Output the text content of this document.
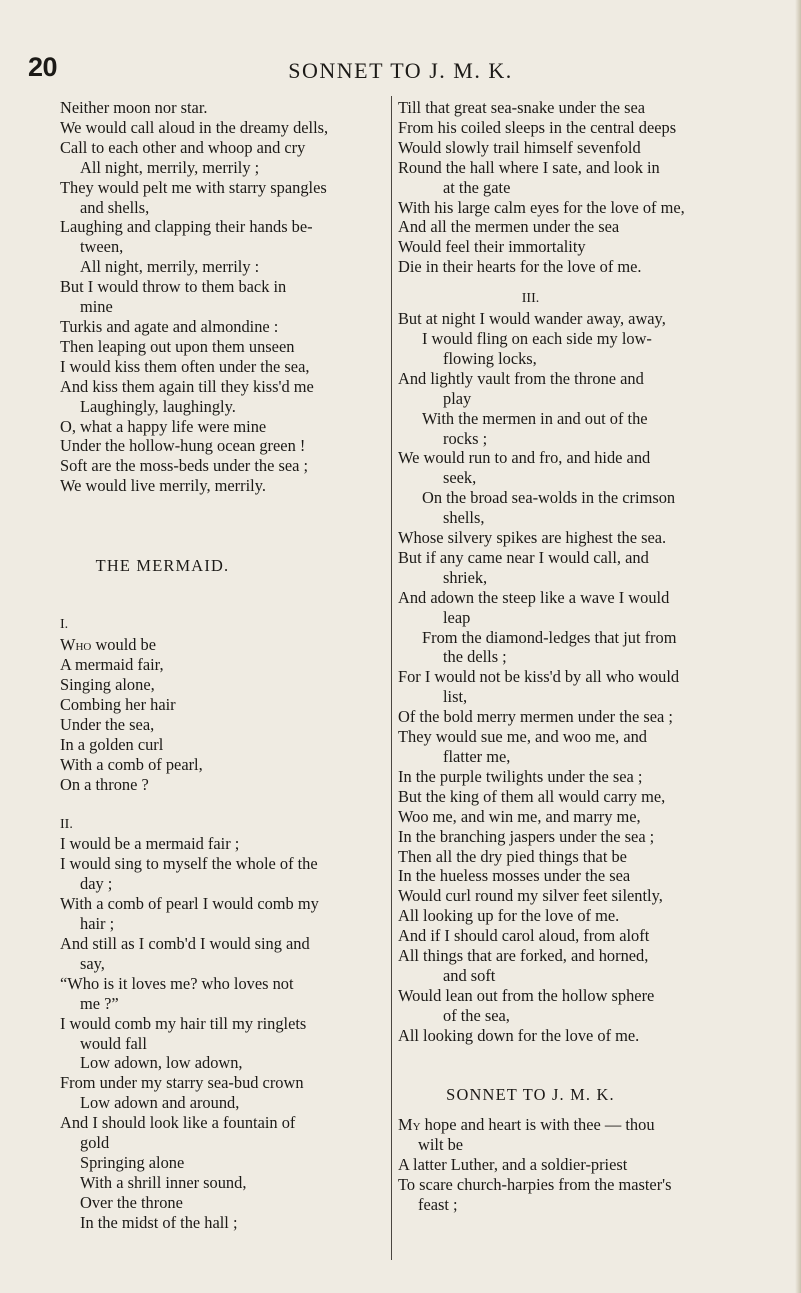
20	SONNET TO J. M. K.
Neither moon nor star.
We would call aloud in the dreamy dells,
Call to each other and whoop and cry
All night, merrily, merrily ;
They would pelt me with starry spangles
and shells,
Laughing and clapping their hands be-
tween,
All night, merrily, merrily :
But I would throw to them back in
mine
Turkis and agate and almondine :
Then leaping out upon them unseen
I would kiss them often under the sea,
And kiss them again till they kiss'd me
Laughingly, laughingly.
O, what a happy life were mine
Under the hollow-hung ocean green !
Soft are the moss-beds under the sea ;
We would live merrily, merrily.
THE MERMAID.
I.
Who would be
A mermaid fair,
Singing alone,
Combing her hair
Under the sea,
In a golden curl
With a comb of pearl,
On a throne ?
II.
I would be a mermaid fair ;
I would sing to myself the whole of the
day ;
With a comb of pearl I would comb my
hair ;
And still as I comb'd I would sing and
say,
“Who is it loves me? who loves not
me ?”
I would comb my hair till my ringlets
would fall
Low adown, low adown,
From under my starry sea-bud crown
Low adown and around,
And I should look like a fountain of
gold
Springing alone
With a shrill inner sound,
Over the throne
In the midst of the hall ;
Till that great sea-snake under the sea
From his coiled sleeps in the central deeps
Would slowly trail himself sevenfold
Round the hall where I sate, and look in
at the gate
With his large calm eyes for the love of me,
And all the mermen under the sea
Would feel their immortality
Die in their hearts for the love of me.
III.
But at night I would wander away, away,
I would fling on each side my low-
flowing locks,
And lightly vault from the throne and
play
With the mermen in and out of the
rocks ;
We would run to and fro, and hide and
seek,
On the broad sea-wolds in the crimson
shells,
Whose silvery spikes are highest the sea.
But if any came near I would call, and
shriek,
And adown the steep like a wave I would
leap
From the diamond-ledges that jut from
the dells ;
For I would not be kiss'd by all who would
list,
Of the bold merry mermen under the sea ;
They would sue me, and woo me, and
flatter me,
In the purple twilights under the sea ;
But the king of them all would carry me,
Woo me, and win me, and marry me,
In the branching jaspers under the sea ;
Then all the dry pied things that be
In the hueless mosses under the sea
Would curl round my silver feet silently,
All looking up for the love of me.
And if I should carol aloud, from aloft
All things that are forked, and horned,
and soft
Would lean out from the hollow sphere
of the sea,
All looking down for the love of me.
SONNET TO J. M. K.
My hope and heart is with thee — thou
wilt be
A latter Luther, and a soldier-priest
To scare church-harpies from the master's
feast ;
